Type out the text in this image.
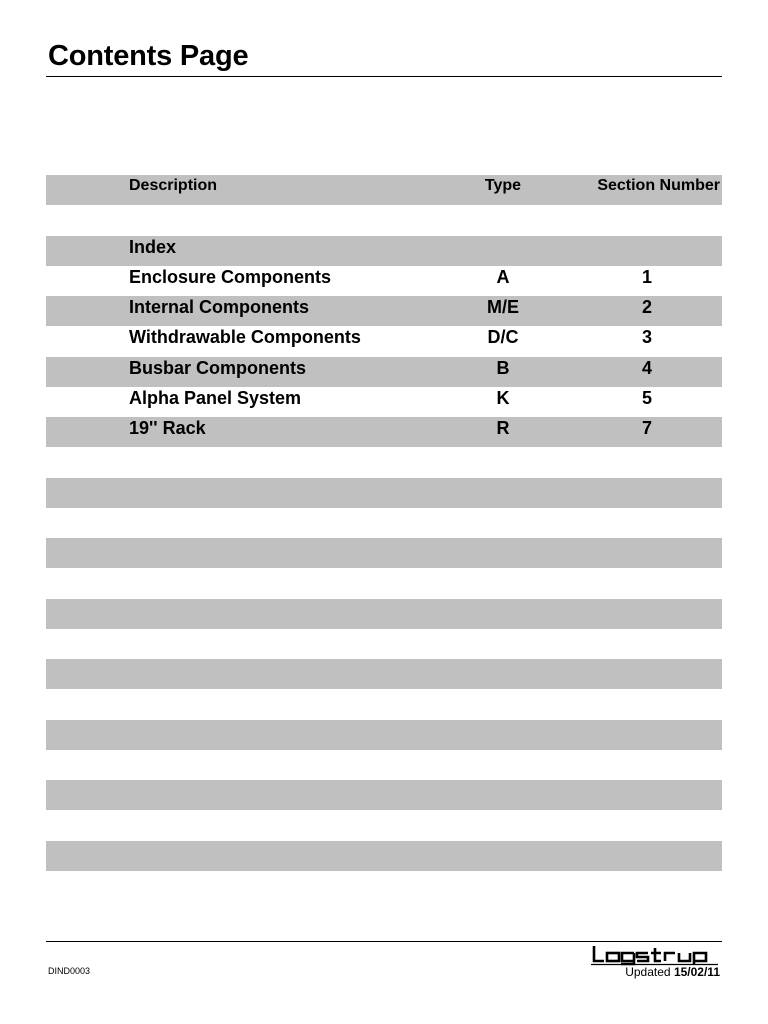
Contents Page
Description	Type	Section Number
Index
Enclosure Components	A	1
Internal Components	M/E	2
Withdrawable Components	D/C	3
Busbar Components	B	4
Alpha Panel System	K	5
19'' Rack	R	7
DIND0003	Updated 15/02/11
